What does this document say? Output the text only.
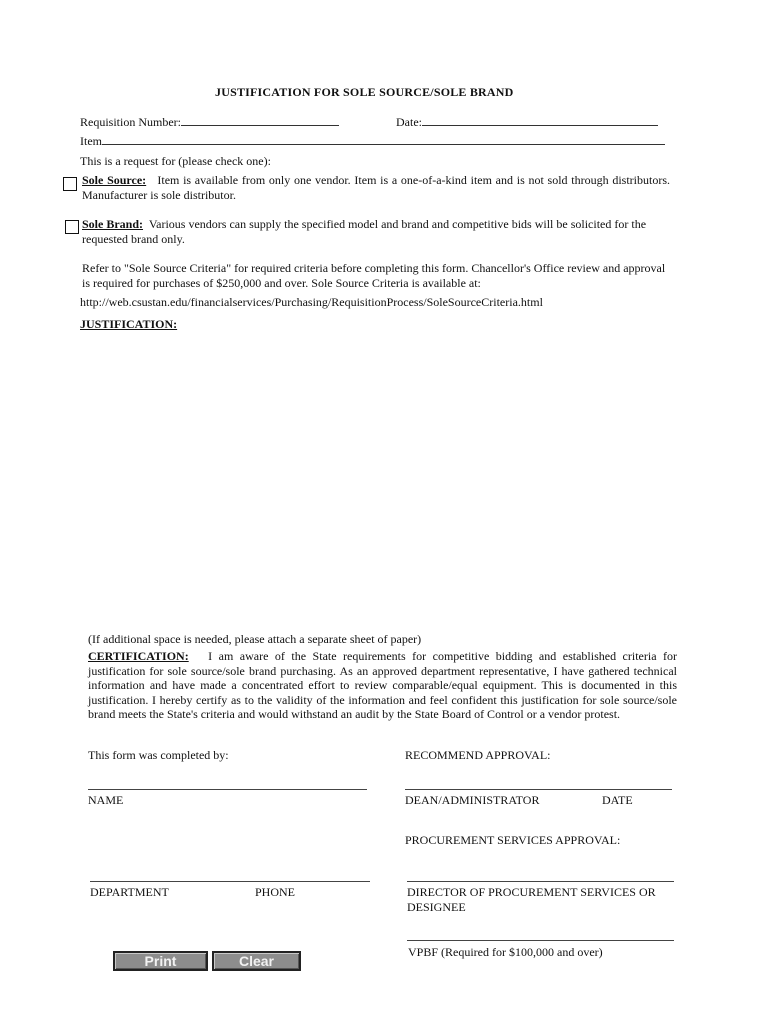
JUSTIFICATION FOR SOLE SOURCE/SOLE BRAND
Requisition Number:	Date:
Item
This is a request for (please check one):
Sole Source: Item is available from only one vendor. Item is a one-of-a-kind item and is not sold through distributors. Manufacturer is sole distributor.
Sole Brand: Various vendors can supply the specified model and brand and competitive bids will be solicited for the requested brand only.
Refer to "Sole Source Criteria" for required criteria before completing this form. Chancellor's Office review and approval is required for purchases of $250,000 and over. Sole Source Criteria is available at:
http://web.csustan.edu/financialservices/Purchasing/RequisitionProcess/SoleSourceCriteria.html
JUSTIFICATION:
(If additional space is needed, please attach a separate sheet of paper)
CERTIFICATION: I am aware of the State requirements for competitive bidding and established criteria for justification for sole source/sole brand purchasing. As an approved department representative, I have gathered technical information and have made a concentrated effort to review comparable/equal equipment. This is documented in this justification. I hereby certify as to the validity of the information and feel confident this justification for sole source/sole brand meets the State's criteria and would withstand an audit by the State Board of Control or a vendor protest.
This form was completed by:	RECOMMEND APPROVAL:
NAME	DEAN/ADMINISTRATOR	DATE
PROCUREMENT SERVICES APPROVAL:
DEPARTMENT	PHONE	DIRECTOR OF PROCUREMENT SERVICES OR DESIGNEE
VPBF (Required for $100,000 and over)
Print	Clear
